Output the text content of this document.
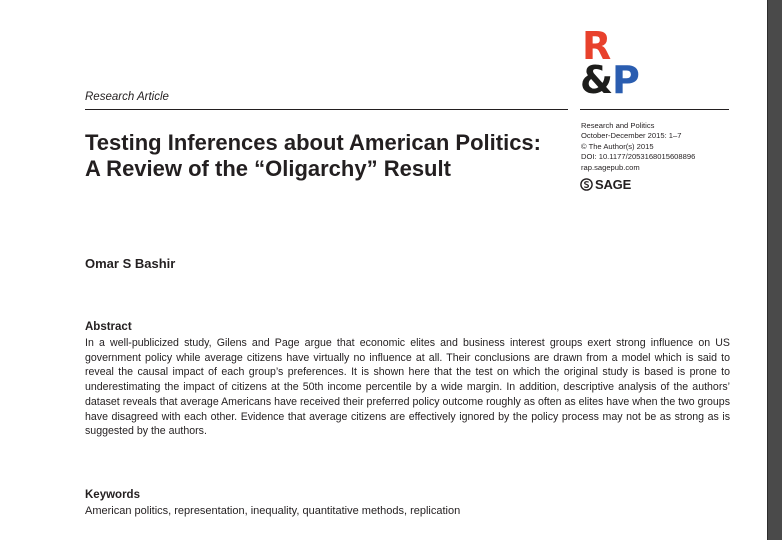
R
&
P
Research Article
Testing Inferences about American Politics: A Review of the “Oligarchy” Result
Research and Politics
October-December 2015: 1–7
© The Author(s) 2015
DOI: 10.1177/2053168015608896
rap.sagepub.com
SAGE
Omar S Bashir
Abstract

In a well-publicized study, Gilens and Page argue that economic elites and business interest groups exert strong influence on US government policy while average citizens have virtually no influence at all. Their conclusions are drawn from a model which is said to reveal the causal impact of each group’s preferences. It is shown here that the test on which the original study is based is prone to underestimating the impact of citizens at the 50th income percentile by a wide margin. In addition, descriptive analysis of the authors’ dataset reveals that average Americans have received their preferred policy outcome roughly as often as elites have when the two groups have disagreed with each other. Evidence that average citizens are effectively ignored by the policy process may not be as strong as is suggested by the authors.

Keywords
American politics, representation, inequality, quantitative methods, replication
